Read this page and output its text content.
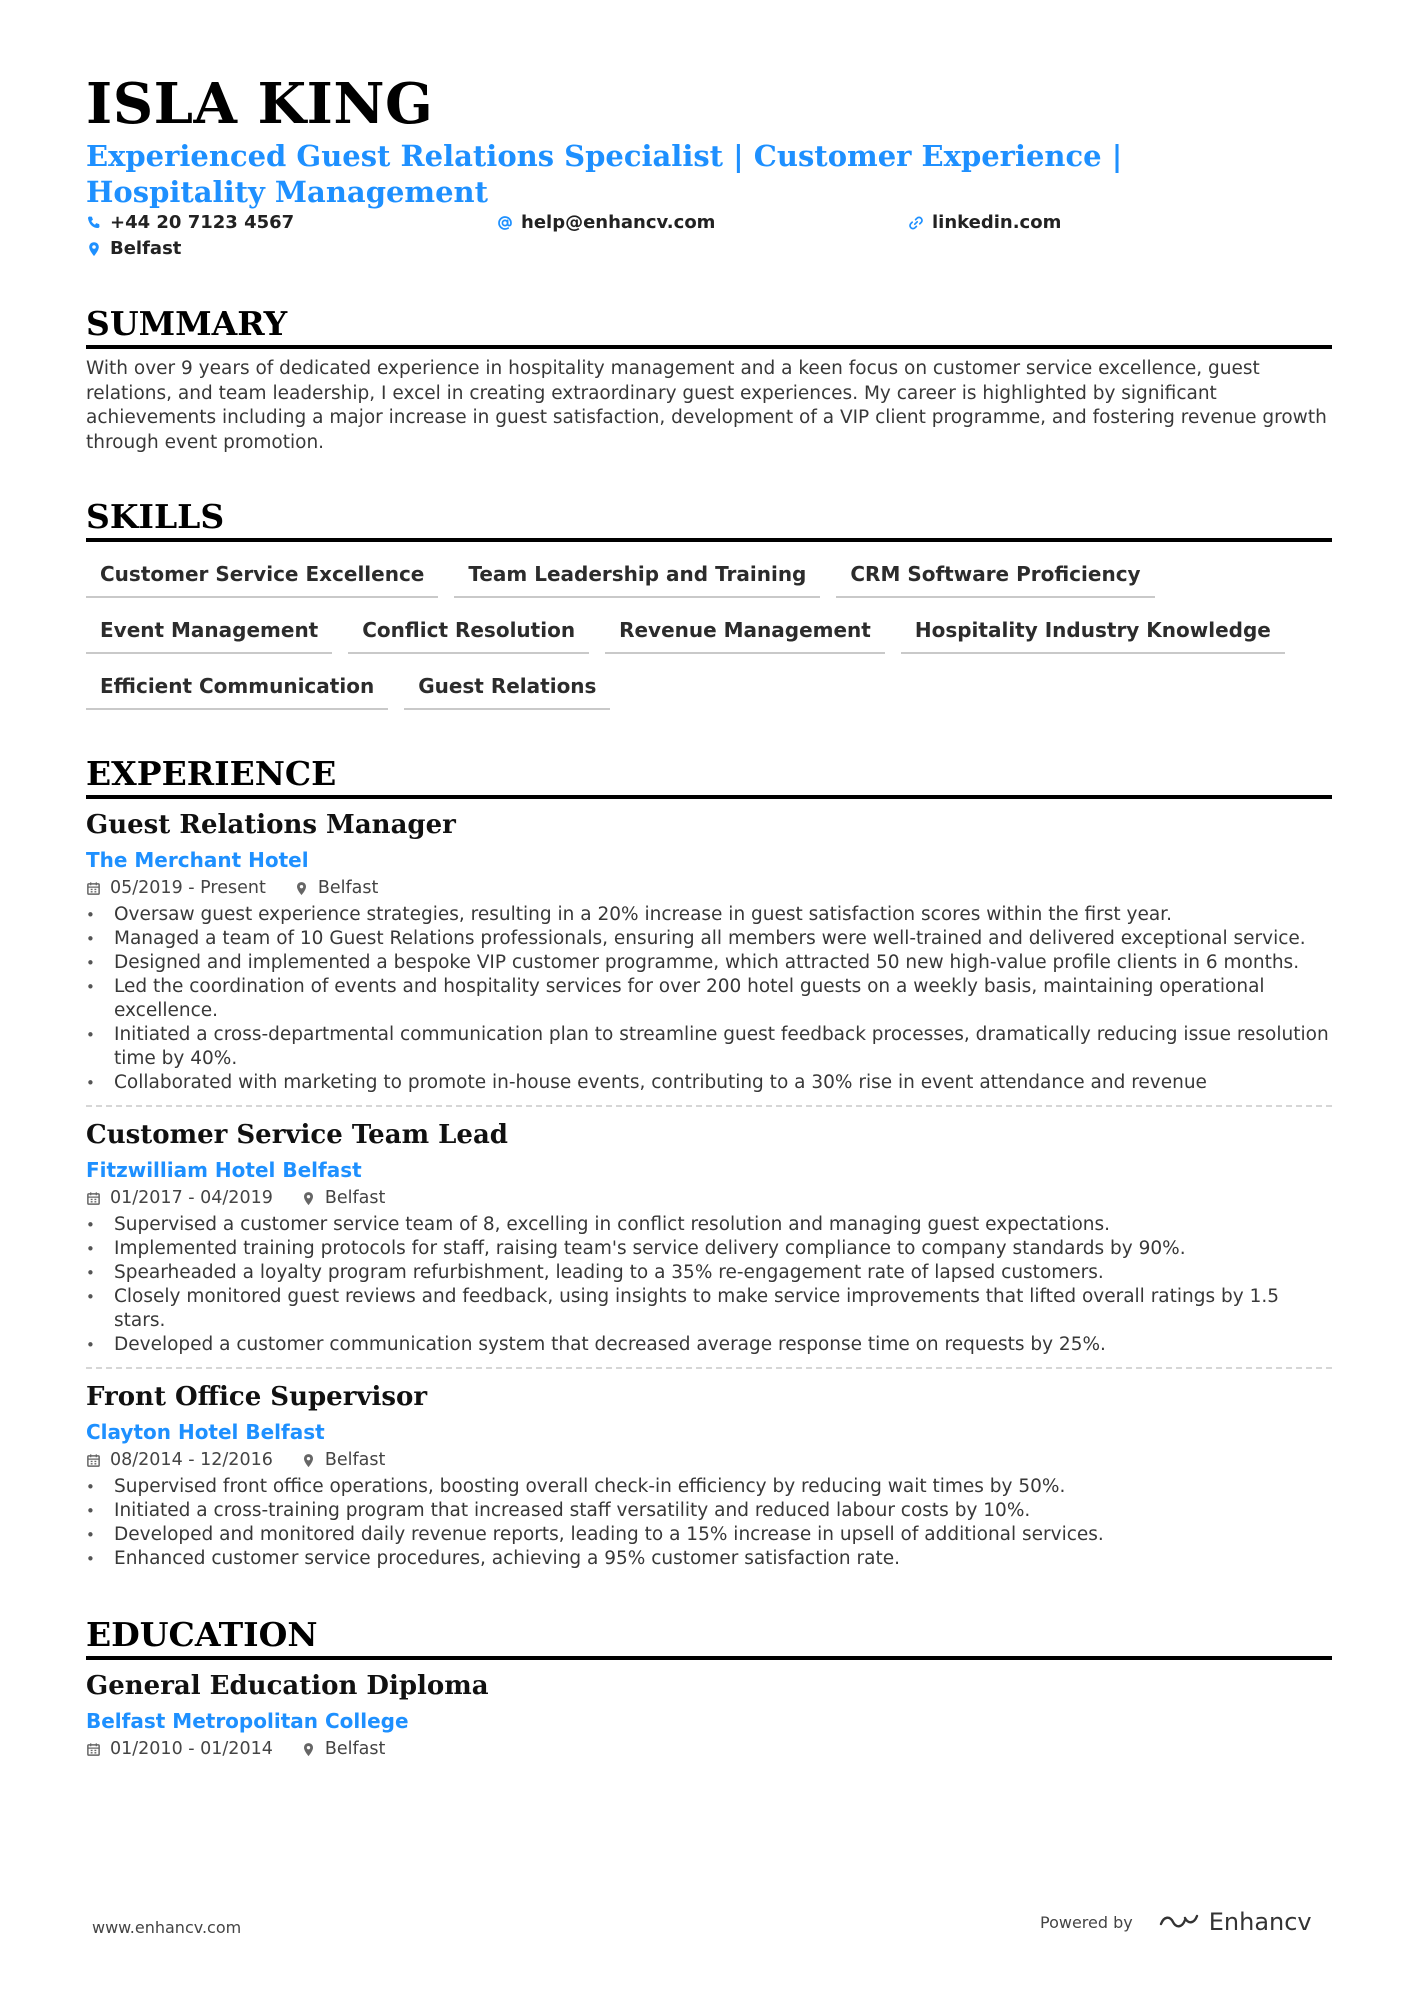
ISLA KING
Experienced Guest Relations Specialist | Customer Experience | Hospitality Management
+44 20 7123 4567	help@enhancv.com	linkedin.com
Belfast
SUMMARY
With over 9 years of dedicated experience in hospitality management and a keen focus on customer service excellence, guest relations, and team leadership, I excel in creating extraordinary guest experiences. My career is highlighted by significant achievements including a major increase in guest satisfaction, development of a VIP client programme, and fostering revenue growth through event promotion.
SKILLS
Customer Service Excellence	Team Leadership and Training	CRM Software Proficiency
Event Management	Conflict Resolution	Revenue Management	Hospitality Industry Knowledge
Efficient Communication	Guest Relations
EXPERIENCE
Guest Relations Manager
The Merchant Hotel
05/2019 - Present	Belfast
• Oversaw guest experience strategies, resulting in a 20% increase in guest satisfaction scores within the first year.
• Managed a team of 10 Guest Relations professionals, ensuring all members were well-trained and delivered exceptional service.
• Designed and implemented a bespoke VIP customer programme, which attracted 50 new high-value profile clients in 6 months.
• Led the coordination of events and hospitality services for over 200 hotel guests on a weekly basis, maintaining operational excellence.
• Initiated a cross-departmental communication plan to streamline guest feedback processes, dramatically reducing issue resolution time by 40%.
• Collaborated with marketing to promote in-house events, contributing to a 30% rise in event attendance and revenue
Customer Service Team Lead
Fitzwilliam Hotel Belfast
01/2017 - 04/2019	Belfast
• Supervised a customer service team of 8, excelling in conflict resolution and managing guest expectations.
• Implemented training protocols for staff, raising team's service delivery compliance to company standards by 90%.
• Spearheaded a loyalty program refurbishment, leading to a 35% re-engagement rate of lapsed customers.
• Closely monitored guest reviews and feedback, using insights to make service improvements that lifted overall ratings by 1.5 stars.
• Developed a customer communication system that decreased average response time on requests by 25%.
Front Office Supervisor
Clayton Hotel Belfast
08/2014 - 12/2016	Belfast
• Supervised front office operations, boosting overall check-in efficiency by reducing wait times by 50%.
• Initiated a cross-training program that increased staff versatility and reduced labour costs by 10%.
• Developed and monitored daily revenue reports, leading to a 15% increase in upsell of additional services.
• Enhanced customer service procedures, achieving a 95% customer satisfaction rate.
EDUCATION
General Education Diploma
Belfast Metropolitan College
01/2010 - 01/2014	Belfast
www.enhancv.com	Powered by	Enhancv
